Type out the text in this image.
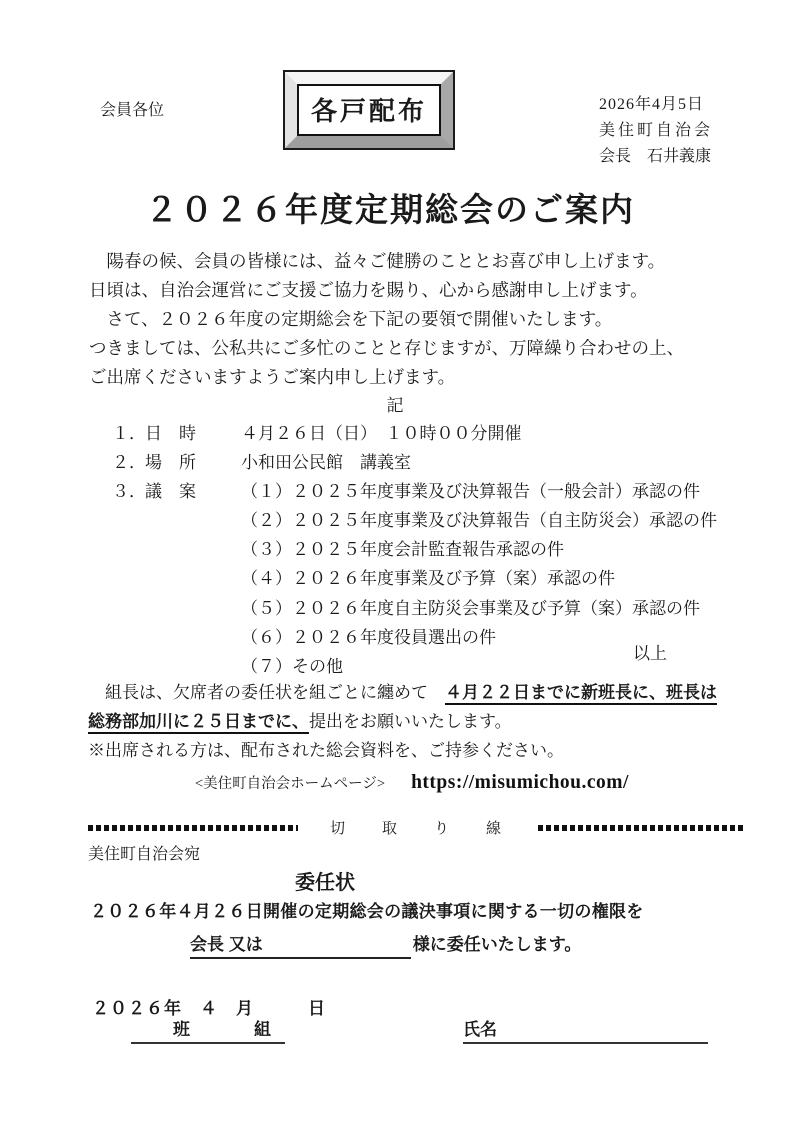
会員各位	各戸配布	2026年4月5日
美住町自治会
会長　石井義康
２０２６年度定期総会のご案内
　陽春の候、会員の皆様には、益々ご健勝のこととお喜び申し上げます。
日頃は、自治会運営にご支援ご協力を賜り、心から感謝申し上げます。
　さて、２０２６年度の定期総会を下記の要領で開催いたします。
つきましては、公私共にご多忙のことと存じますが、万障繰り合わせの上、
ご出席くださいますようご案内申し上げます。
記
１． 日　時	４月２６日（日）　１０時００分開催
２． 場　所	小和田公民館　講義室
３． 議　案	（１）２０２５年度事業及び決算報告（一般会計）承認の件
（２）２０２５年度事業及び決算報告（自主防災会）承認の件
（３）２０２５年度会計監査報告承認の件
（４）２０２６年度事業及び予算（案）承認の件
（５）２０２６年度自主防災会事業及び予算（案）承認の件
（６）２０２６年度役員選出の件
（７）その他
以上
　組長は、欠席者の委任状を組ごとに纏めて　４月２２日までに新班長に、班長は
総務部加川に２５日までに、提出をお願いいたします。
※出席される方は、配布された総会資料を、ご持参ください。
<美住町自治会ホームページ> https://misumichou.com/
切　取　り　線
美住町自治会宛
委任状
２０２６年４月２６日開催の定期総会の議決事項に関する一切の権限を
会長 又は	様に委任いたします。
２０２６年　４　月　　　日
班	組	氏名
